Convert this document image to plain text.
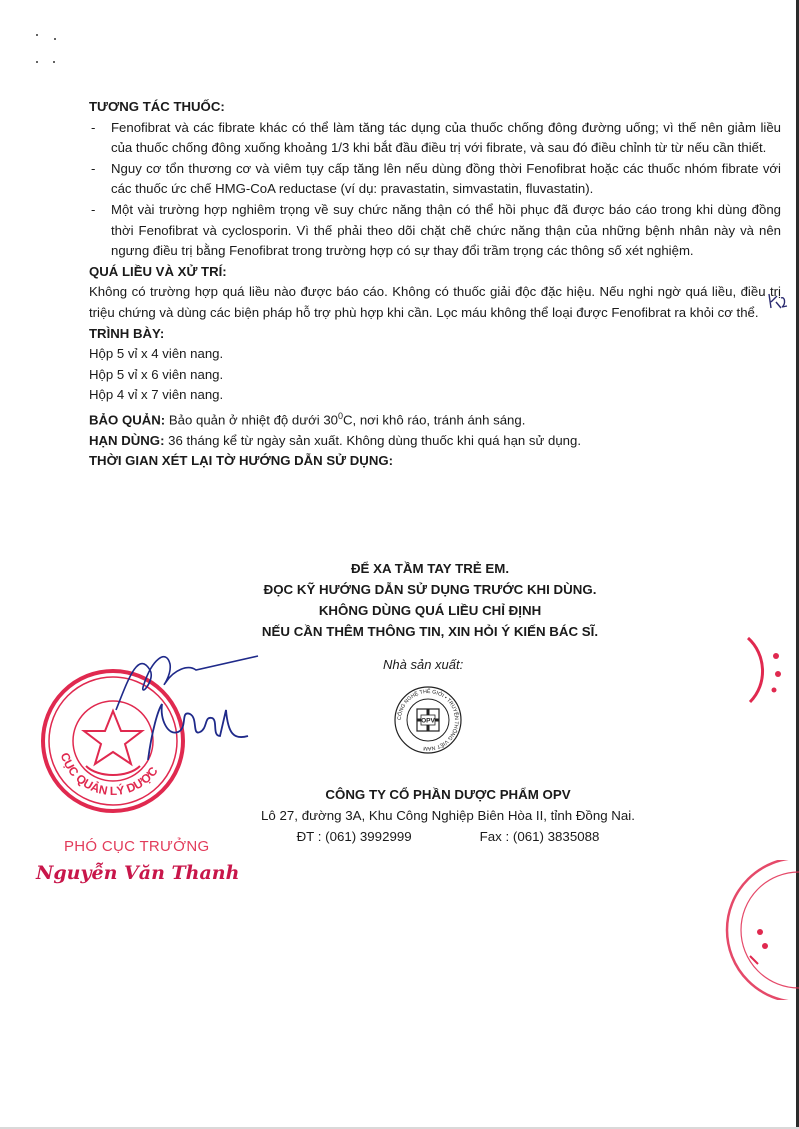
TƯƠNG TÁC THUỐC:

- Fenofibrat và các fibrate khác có thể làm tăng tác dụng của thuốc chống đông đường uống; vì thế nên giảm liều của thuốc chống đông xuống khoảng 1/3 khi bắt đầu điều trị với fibrate, và sau đó điều chỉnh từ từ nếu cần thiết.

- Nguy cơ tổn thương cơ và viêm tụy cấp tăng lên nếu dùng đồng thời Fenofibrat hoặc các thuốc nhóm fibrate với các thuốc ức chế HMG-CoA reductase (ví dụ: pravastatin, simvastatin, fluvastatin).

- Một vài trường hợp nghiêm trọng về suy chức năng thận có thể hồi phục đã được báo cáo trong khi dùng đồng thời Fenofibrat và cyclosporin. Vì thế phải theo dõi chặt chẽ chức năng thận của những bệnh nhân này và nên ngưng điều trị bằng Fenofibrat trong trường hợp có sự thay đổi trầm trọng các thông số xét nghiệm.

QUÁ LIỀU VÀ XỬ TRÍ:

Không có trường hợp quá liều nào được báo cáo. Không có thuốc giải độc đặc hiệu. Nếu nghi ngờ quá liều, điều trị triệu chứng và dùng các biện pháp hỗ trợ phù hợp khi cần. Lọc máu không thể loại được Fenofibrat ra khỏi cơ thể.

TRÌNH BÀY:

Hộp 5 vỉ x 4 viên nang.

Hộp 5 vỉ x 6 viên nang.

Hộp 4 vỉ x 7 viên nang.

BẢO QUẢN: Bảo quản ở nhiệt độ dưới $30^0C$, nơi khô ráo, tránh ánh sáng.

HẠN DÙNG: 36 tháng kể từ ngày sản xuất. Không dùng thuốc khi quá hạn sử dụng.

THỜI GIAN XÉT LẠI TỜ HƯỚNG DẪN SỬ DỤNG:

ĐỂ XA TẦM TAY TRẺ EM.
ĐỌC KỸ HƯỚNG DẪN SỬ DỤNG TRƯỚC KHI DÙNG.
KHÔNG DÙNG QUÁ LIỀU CHỈ ĐỊNH
NẾU CẦN THÊM THÔNG TIN, XIN HỎI Ý KIẾN BÁC SĨ.
Nhà sản xuất:
CÔNG NGHỆ THẾ GIỚI • TRUYỀN THỐNG VIỆT NAM
OPV
CÔNG TY CỔ PHẦN DƯỢC PHẨM OPV
Lô 27, đường 3A, Khu Công Nghiệp Biên Hòa II, tỉnh Đồng Nai.
ĐT : (061) 3992999	Fax : (061) 3835088
CỤC QUẢN LÝ DƯỢC
PHÓ CỤC TRƯỞNG
Nguyễn Văn Thanh
